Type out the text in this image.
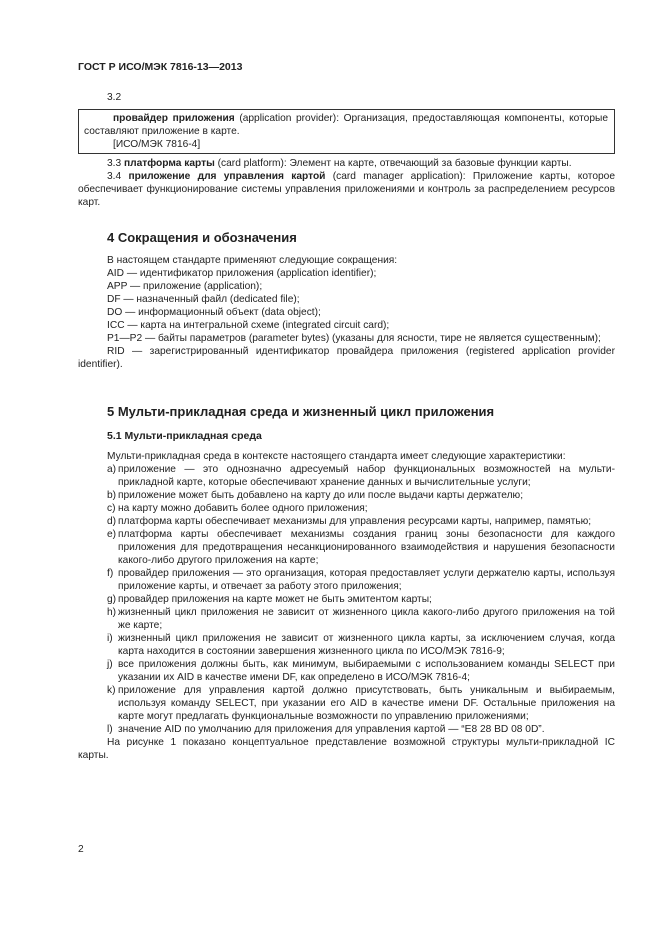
ГОСТ Р ИСО/МЭК 7816-13—2013

3.2

провайдер приложения (application provider): Организация, предоставляющая компоненты, которые составляют приложение в карте.

[ИСО/МЭК 7816-4]

3.3 платформа карты (card platform): Элемент на карте, отвечающий за базовые функции карты.

3.4 приложение для управления картой (card manager application): Приложение карты, которое обеспечивает функционирование системы управления приложениями и контроль за распределением ресурсов карт.

4 Сокращения и обозначения

В настоящем стандарте применяют следующие сокращения:

AID — идентификатор приложения (application identifier);

APP — приложение (application);

DF — назначенный файл (dedicated file);

DO — информационный объект (data object);

ICC — карта на интегральной схеме (integrated circuit card);

P1—P2 — байты параметров (parameter bytes) (указаны для ясности, тире не является существенным);

RID — зарегистрированный идентификатор провайдера приложения (registered application provider identifier).

5 Мульти-прикладная среда и жизненный цикл приложения
5.1 Мульти-прикладная среда

Мульти-прикладная среда в контексте настоящего стандарта имеет следующие характеристики:

a) приложение — это однозначно адресуемый набор функциональных возможностей на мульти-прикладной карте, которые обеспечивают хранение данных и вычислительные услуги;
b) приложение может быть добавлено на карту до или после выдачи карты держателю;
c) на карту можно добавить более одного приложения;
d) платформа карты обеспечивает механизмы для управления ресурсами карты, например, памятью;
e) платформа карты обеспечивает механизмы создания границ зоны безопасности для каждого приложения для предотвращения несанкционированного взаимодействия и нарушения безопасности какого-либо другого приложения на карте;
f) провайдер приложения — это организация, которая предоставляет услуги держателю карты, используя приложение карты, и отвечает за работу этого приложения;
g) провайдер приложения на карте может не быть эмитентом карты;
h) жизненный цикл приложения не зависит от жизненного цикла какого-либо другого приложения на той же карте;
i) жизненный цикл приложения не зависит от жизненного цикла карты, за исключением случая, когда карта находится в состоянии завершения жизненного цикла по ИСО/МЭК 7816-9;
j) все приложения должны быть, как минимум, выбираемыми с использованием команды SELECT при указании их AID в качестве имени DF, как определено в ИСО/МЭК 7816-4;
k) приложение для управления картой должно присутствовать, быть уникальным и выбираемым, используя команду SELECT, при указании его AID в качестве имени DF. Остальные приложения на карте могут предлагать функциональные возможности по управлению приложениями;
l) значение AID по умолчанию для приложения для управления картой — “E8 28 BD 08 0D”.

На рисунке 1 показано концептуальное представление возможной структуры мульти-прикладной IC карты.

2
